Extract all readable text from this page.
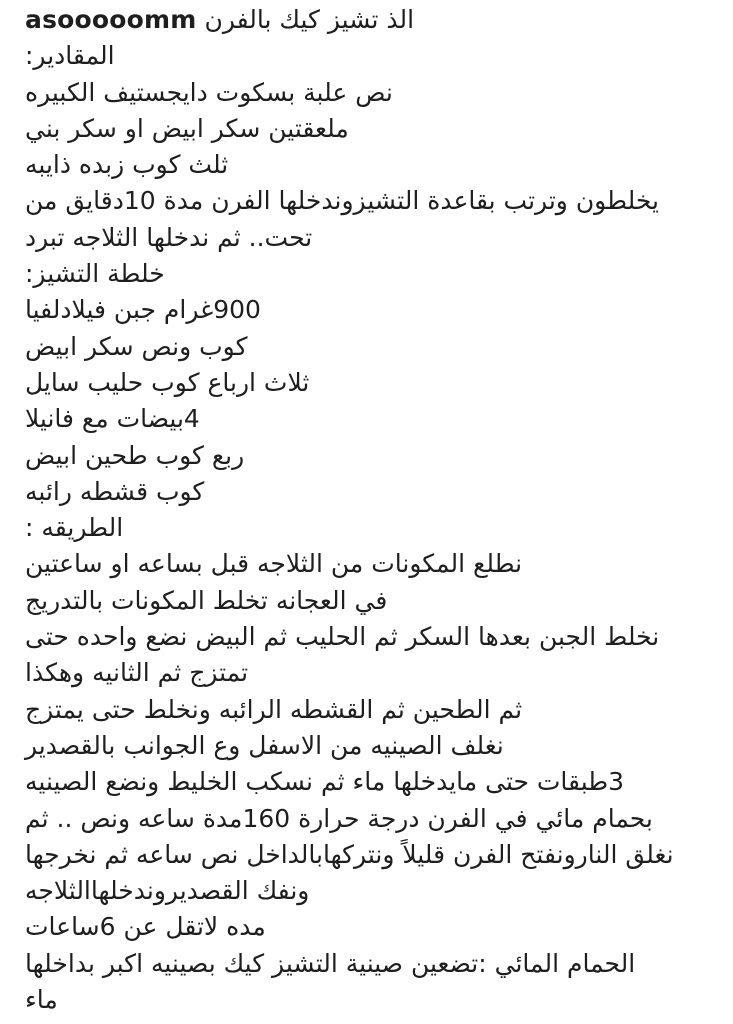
asooooomm الذ تشيز كيك بالفرن
المقادير:
نص علبة بسكوت دايجستيف الكبيره
ملعقتين سكر ابيض او سكر بني
ثلث كوب زبده ذايبه
يخلطون وترتب بقاعدة التشيزوندخلها الفرن مدة 10دقايق من
تحت.. ثم ندخلها الثلاجه تبرد
خلطة التشيز:
900غرام جبن فيلادلفيا
كوب ونص سكر ابيض
ثلاث ارباع كوب حليب سايل
4بيضات مع فانيلا
ربع كوب طحين ابيض
كوب قشطه رائبه
الطريقه :
نطلع المكونات من الثلاجه قبل بساعه او ساعتين
في العجانه تخلط المكونات بالتدريج
نخلط الجبن بعدها السكر ثم الحليب ثم البيض نضع واحده حتى
تمتزج ثم الثانيه وهكذا
ثم الطحين ثم القشطه الرائبه ونخلط حتى يمتزج
نغلف الصينيه من الاسفل وع الجوانب بالقصدير
3طبقات حتى مايدخلها ماء ثم نسكب الخليط ونضع الصينيه
بحمام مائي في الفرن درجة حرارة 160مدة ساعه ونص .. ثم
نغلق النارونفتح الفرن قليلاً ونتركهابالداخل نص ساعه ثم نخرجها
ونفك القصديروندخلهاالثلاجه
مده لاتقل عن 6ساعات
الحمام المائي :تضعين صينية التشيز كيك بصينيه اكبر بداخلها
ماء
